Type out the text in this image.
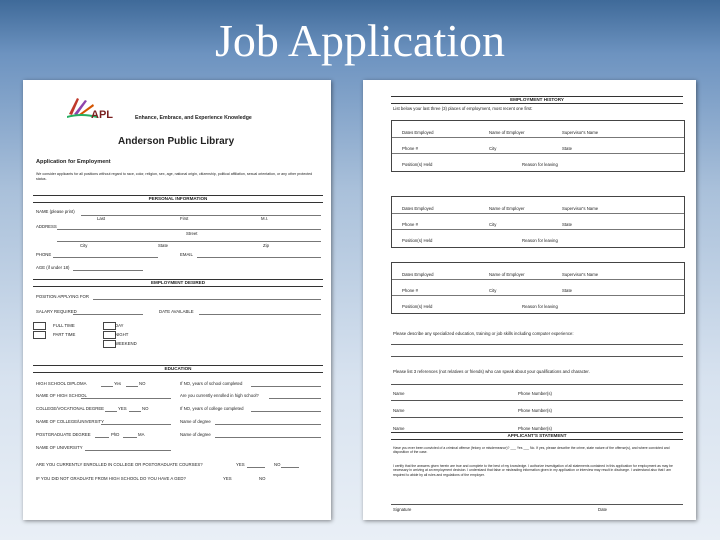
Job Application
APL	Enhance, Embrace, and Experience Knowledge
Anderson Public Library
Application for Employment
We consider applicants for all positions without regard to race, color, religion, sex, age, national origin, citizenship, political affiliation, sexual orientation, or any other protected status.
PERSONAL INFORMATION
NAME (please print)
Last	First	M.I.
ADDRESS
Street
City	State	Zip
PHONE	EMAIL
AGE (if under 18)
EMPLOYMENT DESIRED
POSITION APPLYING FOR
SALARY REQUIRED	DATE AVAILABLE
FULL TIME
PART TIME
DAY
NIGHT
WEEKEND
EDUCATION
HIGH SCHOOL DIPLOMA	Yes	NO	If NO, years of school completed
NAME OF HIGH SCHOOL	Are you currently enrolled in high school?
COLLEGE/VOCATIONAL DEGREE	YES	NO	If NO, years of college completed
NAME OF COLLEGE/UNIVERSITY	Name of degree
POSTGRADUATE DEGREE	PhD	MA	Name of degree
NAME OF UNIVERSITY
ARE YOU CURRENTLY ENROLLED IN COLLEGE OR POSTGRADUATE COURSES?	YES	NO
IF YOU DID NOT GRADUATE FROM HIGH SCHOOL DO YOU HAVE A GED?	YES	NO
EMPLOYMENT HISTORY
List below your last three (3) places of employment, most recent one first:
Dates Employed	Name of Employer	Supervisor's Name
Phone #	City	State
Position(s) Held	Reason for leaving
Dates Employed	Name of Employer	Supervisor's Name
Phone #	City	State
Position(s) Held	Reason for leaving
Dates Employed	Name of Employer	Supervisor's Name
Phone #	City	State
Position(s) Held	Reason for leaving
Please describe any specialized education, training or job skills including computer experience:
Please list 3 references (not relatives or friends) who can speak about your qualifications and character.
Name	Phone Number(s)
Name	Phone Number(s)
Name	Phone Number(s)
APPLICANT'S STATEMENT
Have you ever been convicted of a criminal offense (felony or misdemeanor)? ___ Yes ___ No. If yes, please describe the crime, state nature of the offense(s), and where convicted and disposition of the case.
I certify that the answers given herein are true and complete to the best of my knowledge. I authorize investigation of all statements contained in this application for employment as may be necessary in arriving at an employment decision. I understand that false or misleading information given in my application or interview may result in discharge. I understand also that I am required to abide by all rules and regulations of the employer.
Signature	Date
